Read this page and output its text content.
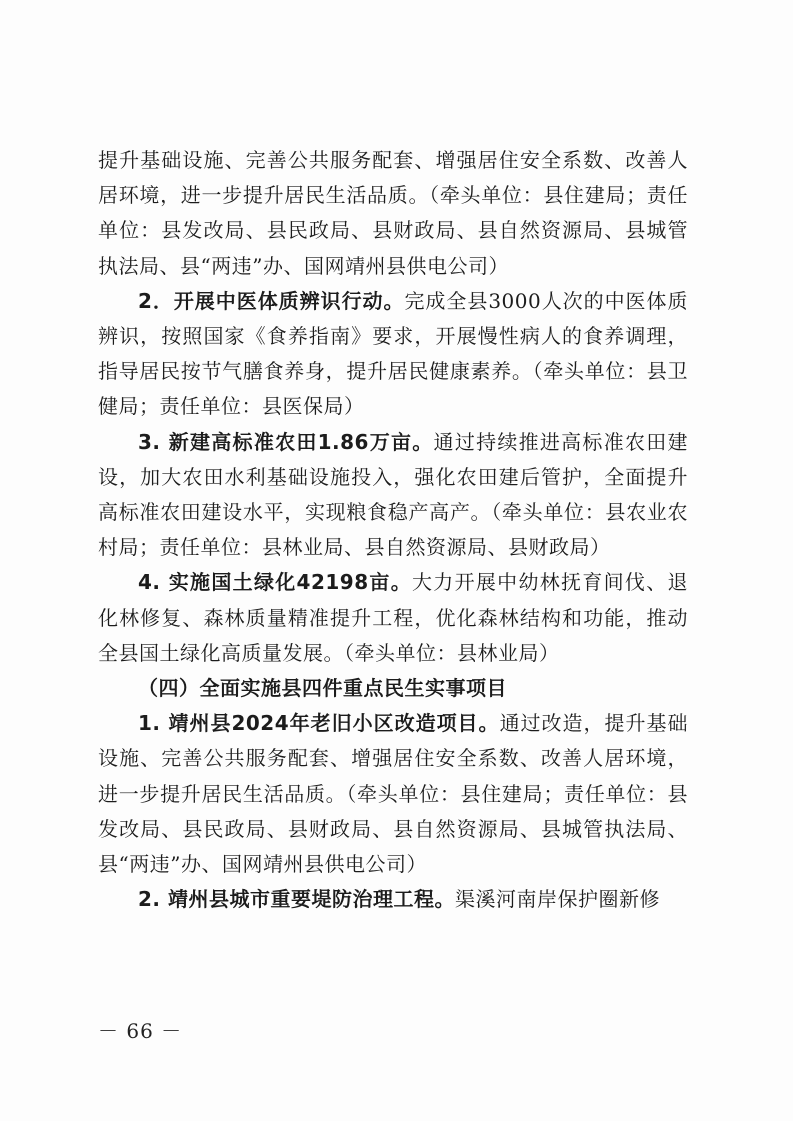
提升基础设施、完善公共服务配套、增强居住安全系数、改善人居环境，进一步提升居民生活品质。（牵头单位：县住建局；责任单位：县发改局、县民政局、县财政局、县自然资源局、县城管执法局、县“两违”办、国网靖州县供电公司）

2．开展中医体质辨识行动。完成全县3000人次的中医体质辨识，按照国家《食养指南》要求，开展慢性病人的食养调理，指导居民按节气膳食养身，提升居民健康素养。（牵头单位：县卫健局；责任单位：县医保局）

3. 新建高标准农田1.86万亩。通过持续推进高标准农田建设，加大农田水利基础设施投入，强化农田建后管护，全面提升高标准农田建设水平，实现粮食稳产高产。（牵头单位：县农业农村局；责任单位：县林业局、县自然资源局、县财政局）

4. 实施国土绿化42198亩。大力开展中幼林抚育间伐、退化林修复、森林质量精准提升工程，优化森林结构和功能，推动全县国土绿化高质量发展。（牵头单位：县林业局）

（四）全面实施县四件重点民生实事项目

1. 靖州县2024年老旧小区改造项目。通过改造，提升基础设施、完善公共服务配套、增强居住安全系数、改善人居环境，进一步提升居民生活品质。（牵头单位：县住建局；责任单位：县发改局、县民政局、县财政局、县自然资源局、县城管执法局、县“两违”办、国网靖州县供电公司）

2. 靖州县城市重要堤防治理工程。渠溪河南岸保护圈新修

－ 66 －
